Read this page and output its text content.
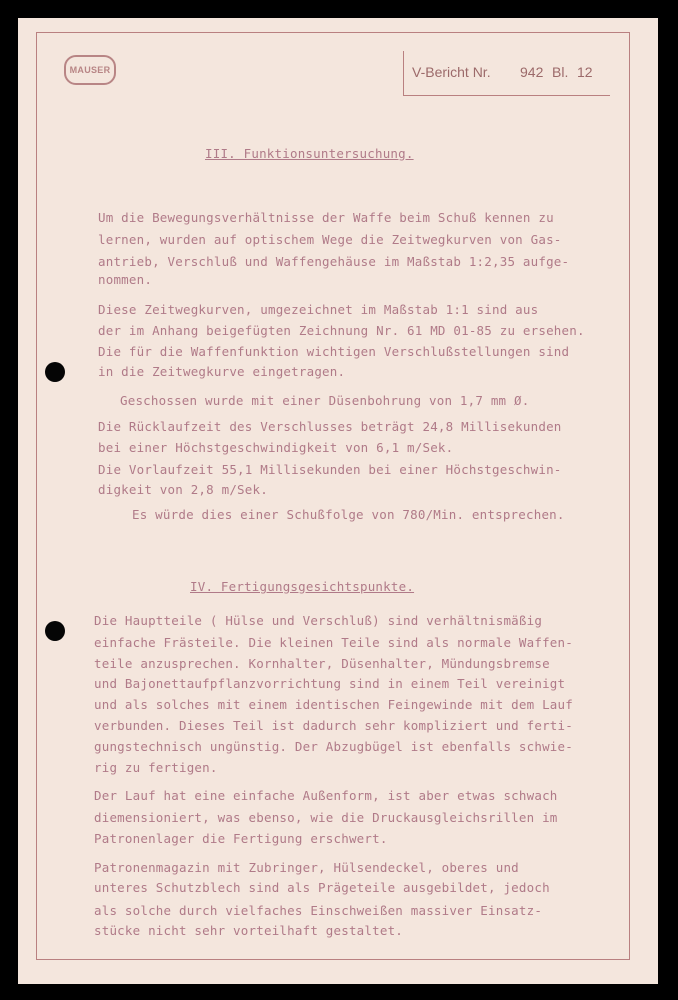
MAUSER	V-Bericht Nr. 942 Bl. 12
III. Funktionsuntersuchung.
Um die Bewegungsverhältnisse der Waffe beim Schuß kennen zu
lernen, wurden auf optischem Wege die Zeitwegkurven von Gas-
antrieb, Verschluß und Waffengehäuse im Maßstab 1:2,35 aufge-
nommen.
Diese Zeitwegkurven, umgezeichnet im Maßstab 1:1 sind aus
der im Anhang beigefügten Zeichnung Nr. 61 MD 01-85 zu ersehen.
Die für die Waffenfunktion wichtigen Verschlußstellungen sind
in die Zeitwegkurve eingetragen.
Geschossen wurde mit einer Düsenbohrung von 1,7 mm Ø.
Die Rücklaufzeit des Verschlusses beträgt 24,8 Millisekunden
bei einer Höchstgeschwindigkeit von 6,1 m/Sek.
Die Vorlaufzeit 55,1 Millisekunden bei einer Höchstgeschwin-
digkeit von 2,8 m/Sek.
Es würde dies einer Schußfolge von 780/Min. entsprechen.
IV. Fertigungsgesichtspunkte.
Die Hauptteile ( Hülse und Verschluß) sind verhältnismäßig
einfache Frästeile. Die kleinen Teile sind als normale Waffen-
teile anzusprechen. Kornhalter, Düsenhalter, Mündungsbremse
und Bajonettaufpflanzvorrichtung sind in einem Teil vereinigt
und als solches mit einem identischen Feingewinde mit dem Lauf
verbunden. Dieses Teil ist dadurch sehr kompliziert und ferti-
gungstechnisch ungünstig. Der Abzugbügel ist ebenfalls schwie-
rig zu fertigen.
Der Lauf hat eine einfache Außenform, ist aber etwas schwach
diemensioniert, was ebenso, wie die Druckausgleichsrillen im
Patronenlager die Fertigung erschwert.
Patronenmagazin mit Zubringer, Hülsendeckel, oberes und
unteres Schutzblech sind als Prägeteile ausgebildet, jedoch
als solche durch vielfaches Einschweißen massiver Einsatz-
stücke nicht sehr vorteilhaft gestaltet.
